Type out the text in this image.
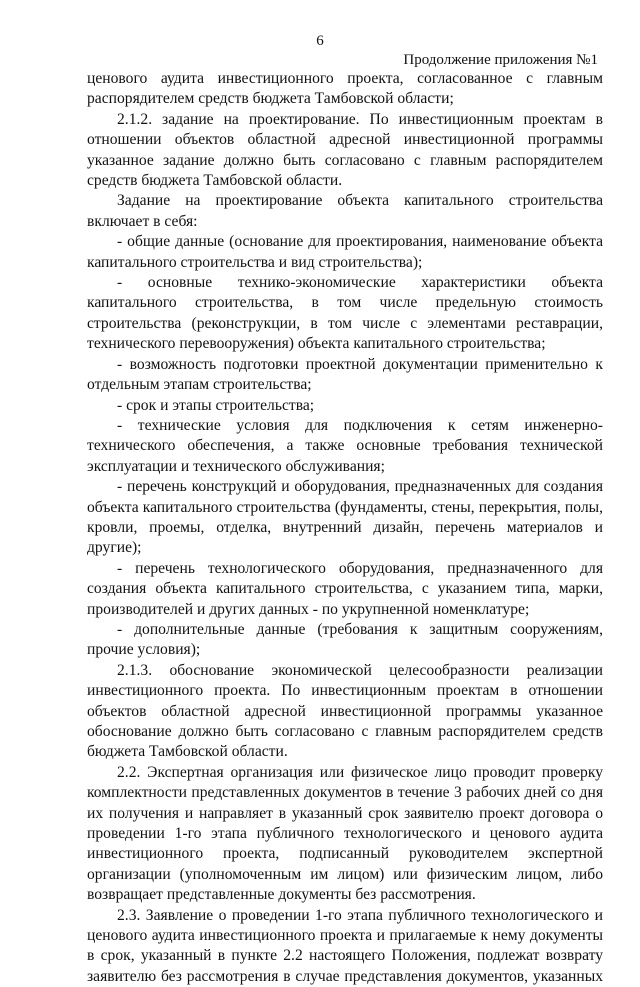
6
Продолжение приложения №1

ценового аудита инвестиционного проекта, согласованное с главным распорядителем средств бюджета Тамбовской области;

2.1.2. задание на проектирование. По инвестиционным проектам в отношении объектов областной адресной инвестиционной программы указанное задание должно быть согласовано с главным распорядителем средств бюджета Тамбовской области.

Задание на проектирование объекта капитального строительства включает в себя:

- общие данные (основание для проектирования, наименование объекта капитального строительства и вид строительства);

- основные технико-экономические характеристики объекта капитального строительства, в том числе предельную стоимость строительства (реконструкции, в том числе с элементами реставрации, технического перевооружения) объекта капитального строительства;

- возможность подготовки проектной документации применительно к отдельным этапам строительства;

- срок и этапы строительства;

- технические условия для подключения к сетям инженерно-технического обеспечения, а также основные требования технической эксплуатации и технического обслуживания;

- перечень конструкций и оборудования, предназначенных для создания объекта капитального строительства (фундаменты, стены, перекрытия, полы, кровли, проемы, отделка, внутренний дизайн, перечень материалов и другие);

- перечень технологического оборудования, предназначенного для создания объекта капитального строительства, с указанием типа, марки, производителей и других данных - по укрупненной номенклатуре;

- дополнительные данные (требования к защитным сооружениям, прочие условия);

2.1.3. обоснование экономической целесообразности реализации инвестиционного проекта. По инвестиционным проектам в отношении объектов областной адресной инвестиционной программы указанное обоснование должно быть согласовано с главным распорядителем средств бюджета Тамбовской области.

2.2. Экспертная организация или физическое лицо проводит проверку комплектности представленных документов в течение 3 рабочих дней со дня их получения и направляет в указанный срок заявителю проект договора о проведении 1-го этапа публичного технологического и ценового аудита инвестиционного проекта, подписанный руководителем экспертной организации (уполномоченным им лицом) или физическим лицом, либо возвращает представленные документы без рассмотрения.

2.3. Заявление о проведении 1-го этапа публичного технологического и ценового аудита инвестиционного проекта и прилагаемые к нему документы в срок, указанный в пункте 2.2 настоящего Положения, подлежат возврату заявителю без рассмотрения в случае представления документов, указанных
